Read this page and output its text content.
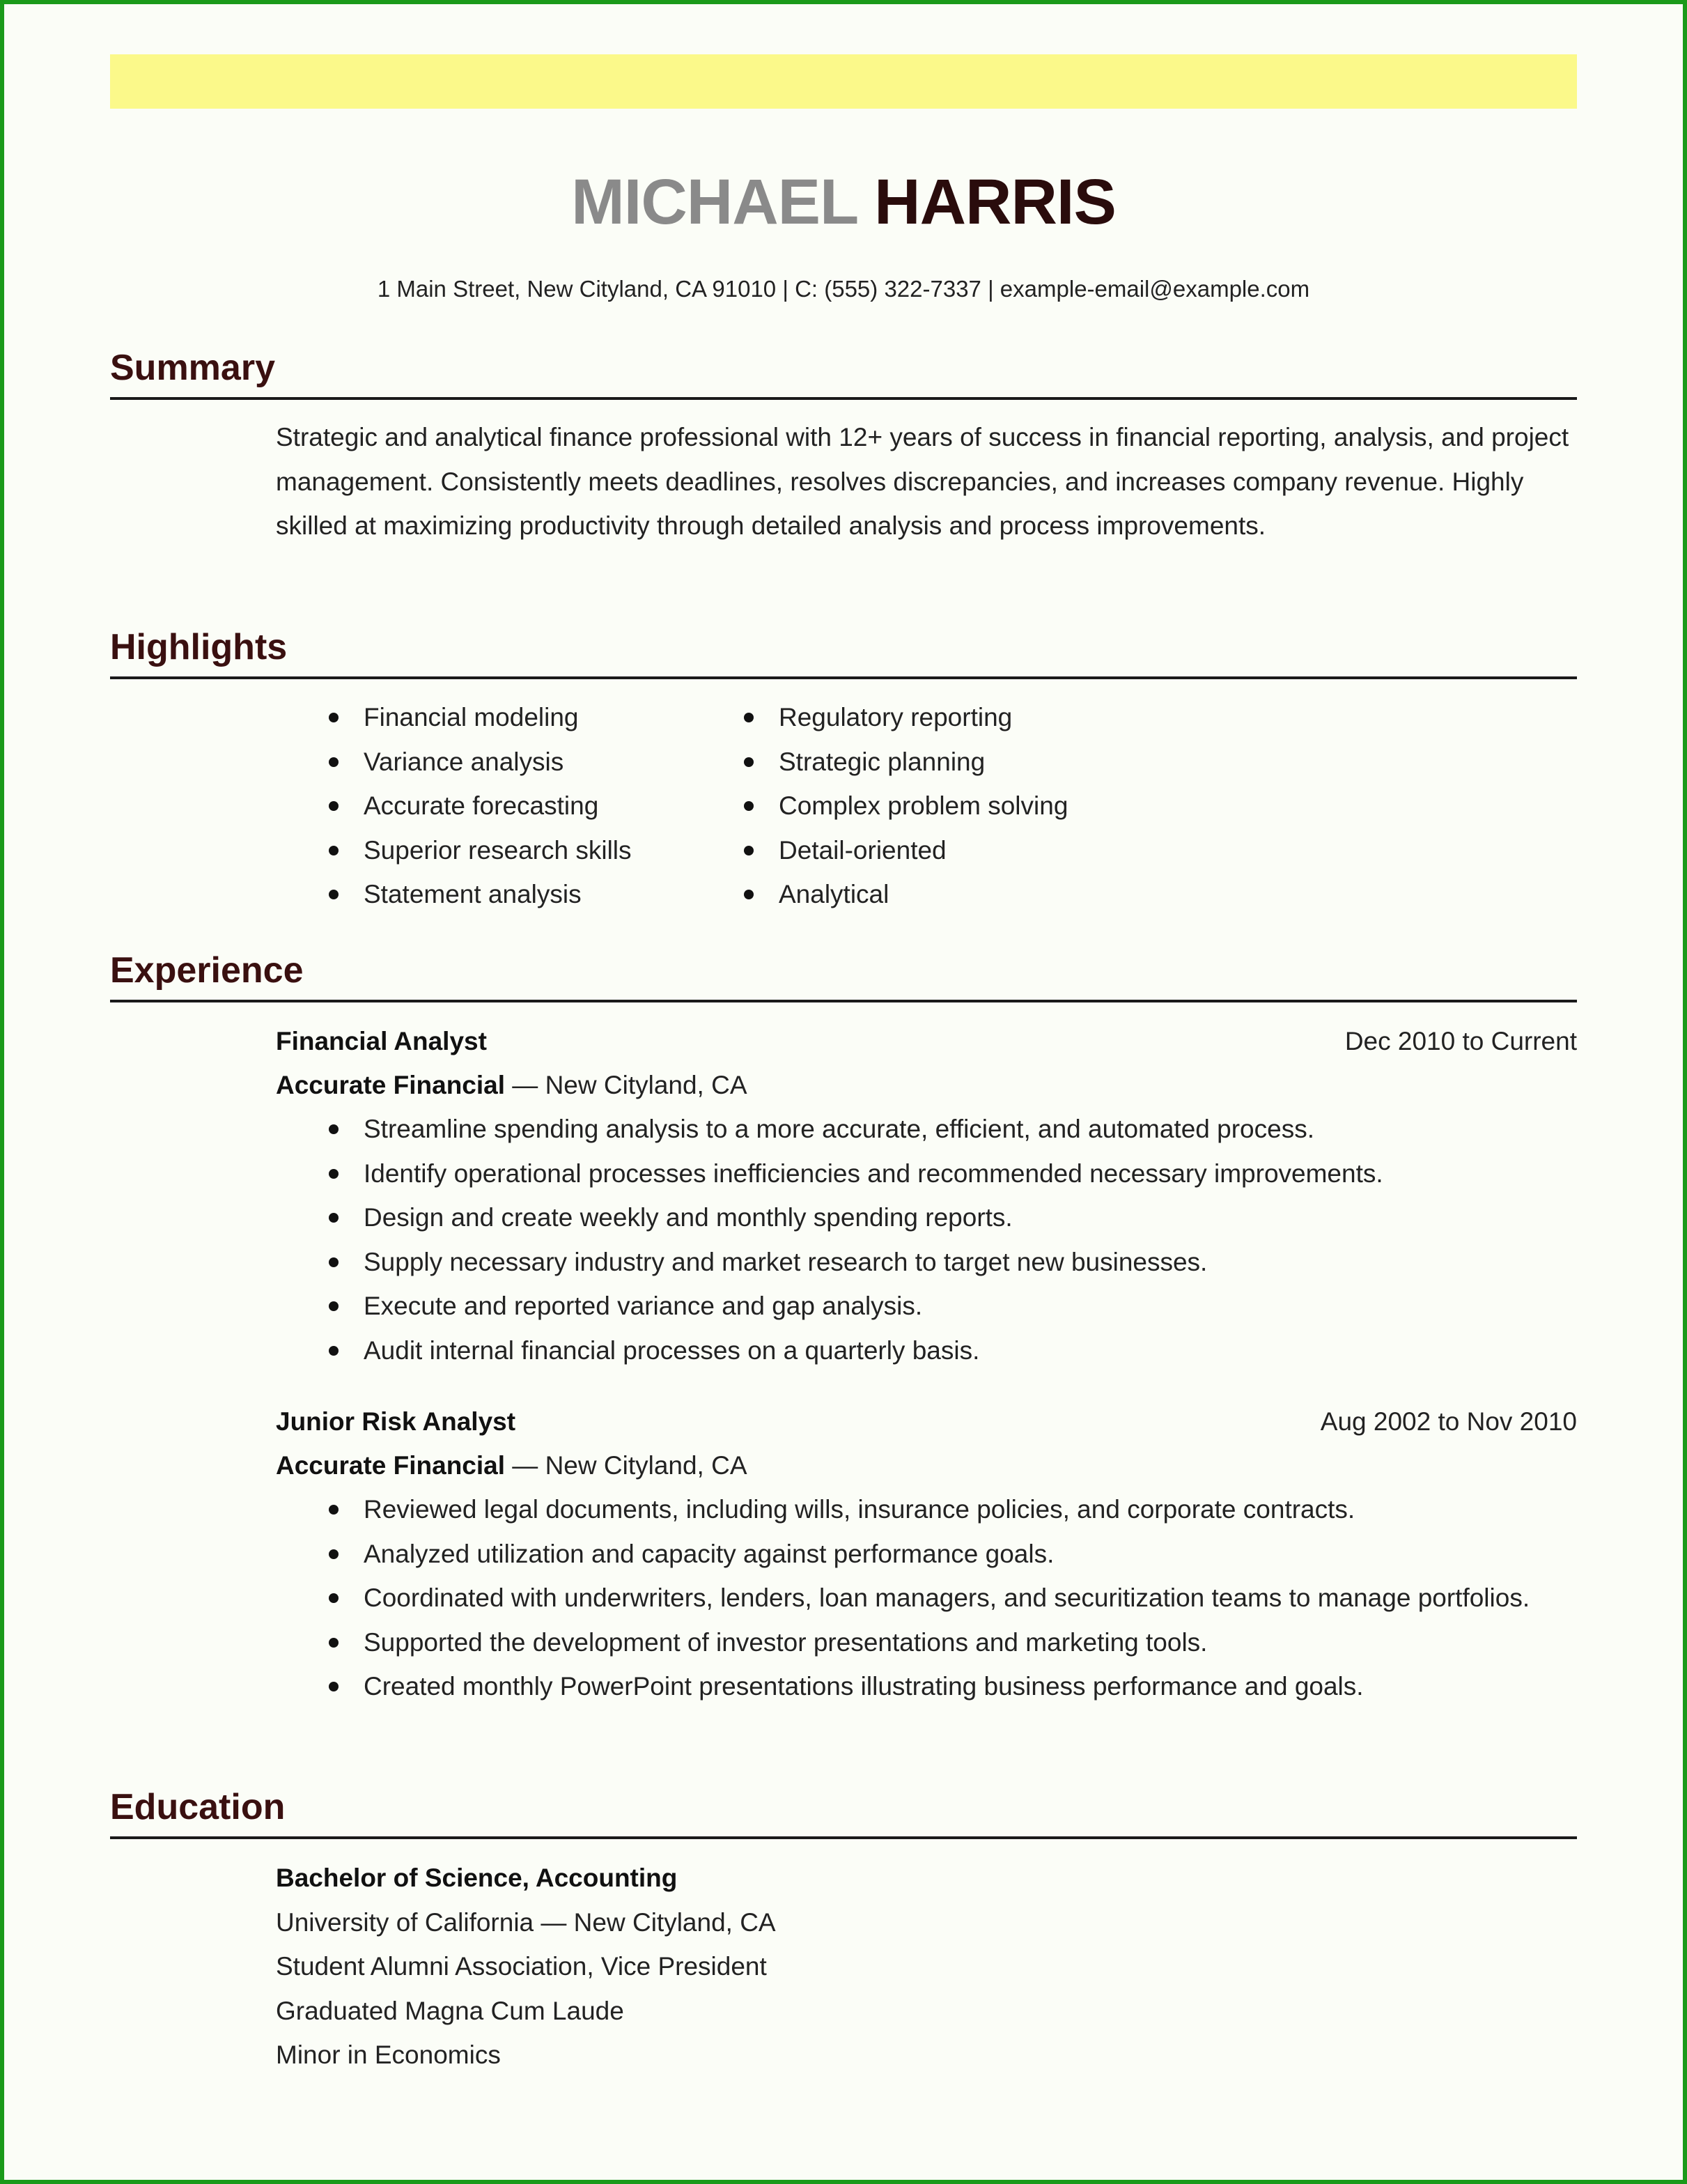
MICHAEL HARRIS
1 Main Street, New Cityland, CA 91010 | C: (555) 322-7337 | example-email@example.com
Summary
Strategic and analytical finance professional with 12+ years of success in financial reporting, analysis, and project management. Consistently meets deadlines, resolves discrepancies, and increases company revenue. Highly skilled at maximizing productivity through detailed analysis and process improvements.
Highlights
Financial modeling
Variance analysis
Accurate forecasting
Superior research skills
Statement analysis
Regulatory reporting
Strategic planning
Complex problem solving
Detail-oriented
Analytical
Experience
Financial Analyst	Dec 2010 to Current
Accurate Financial — New Cityland, CA
Streamline spending analysis to a more accurate, efficient, and automated process.
Identify operational processes inefficiencies and recommended necessary improvements.
Design and create weekly and monthly spending reports.
Supply necessary industry and market research to target new businesses.
Execute and reported variance and gap analysis.
Audit internal financial processes on a quarterly basis.
Junior Risk Analyst	Aug 2002 to Nov 2010
Accurate Financial — New Cityland, CA
Reviewed legal documents, including wills, insurance policies, and corporate contracts.
Analyzed utilization and capacity against performance goals.
Coordinated with underwriters, lenders, loan managers, and securitization teams to manage portfolios.
Supported the development of investor presentations and marketing tools.
Created monthly PowerPoint presentations illustrating business performance and goals.
Education
Bachelor of Science, Accounting
University of California — New Cityland, CA
Student Alumni Association, Vice President
Graduated Magna Cum Laude
Minor in Economics
